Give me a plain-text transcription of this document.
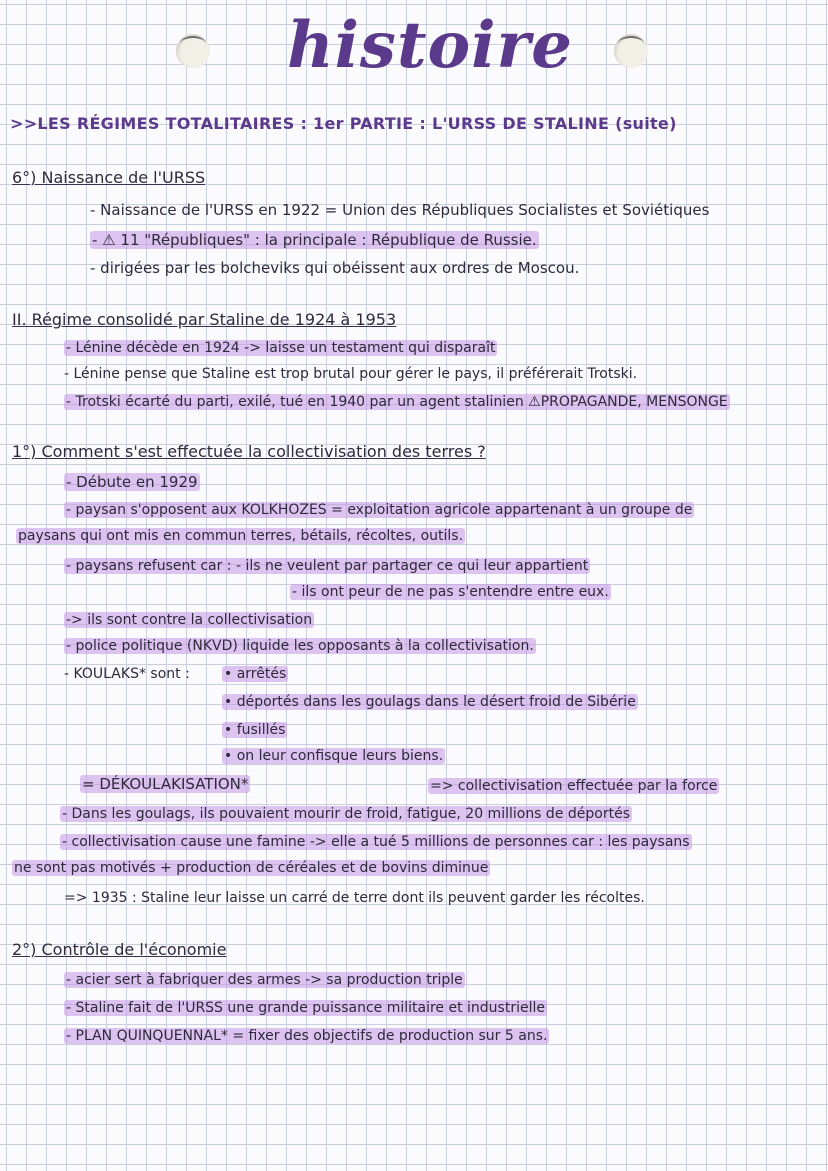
histoire
>>LES RÉGIMES TOTALITAIRES : 1er PARTIE : L'URSS DE STALINE (suite)
6°) Naissance de l'URSS
- Naissance de l'URSS en 1922 = Union des Républiques Socialistes et Soviétiques
- ⚠ 11 "Républiques" : la principale : République de Russie.
- dirigées par les bolcheviks qui obéissent aux ordres de Moscou.
II. Régime consolidé par Staline de 1924 à 1953
- Lénine décède en 1924 -> laisse un testament qui disparaît
- Lénine pense que Staline est trop brutal pour gérer le pays, il préférerait Trotski.
- Trotski écarté du parti, exilé, tué en 1940 par un agent stalinien ⚠PROPAGANDE, MENSONGE
1°) Comment s'est effectuée la collectivisation des terres ?
- Débute en 1929
- paysan s'opposent aux KOLKHOZES = exploitation agricole appartenant à un groupe de
paysans qui ont mis en commun terres, bétails, récoltes, outils.
- paysans refusent car : - ils ne veulent par partager ce qui leur appartient
- ils ont peur de ne pas s'entendre entre eux.
-> ils sont contre la collectivisation
- police politique (NKVD) liquide les opposants à la collectivisation.
- KOULAKS* sont : • arrêtés
• déportés dans les goulags dans le désert froid de Sibérie
• fusillés
• on leur confisque leurs biens.
= DÉKOULAKISATION*	=> collectivisation effectuée par la force
- Dans les goulags, ils pouvaient mourir de froid, fatigue, 20 millions de déportés
- collectivisation cause une famine -> elle a tué 5 millions de personnes car : les paysans
ne sont pas motivés + production de céréales et de bovins diminue
=> 1935 : Staline leur laisse un carré de terre dont ils peuvent garder les récoltes.
2°) Contrôle de l'économie
- acier sert à fabriquer des armes -> sa production triple
- Staline fait de l'URSS une grande puissance militaire et industrielle
- PLAN QUINQUENNAL* = fixer des objectifs de production sur 5 ans.
